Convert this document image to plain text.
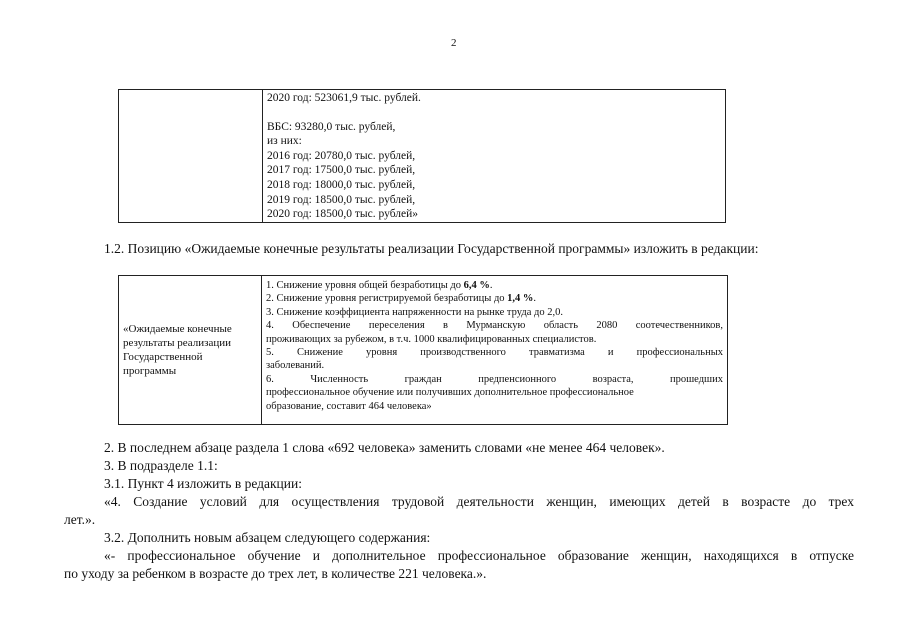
2

2020 год: 523061,9 тыс. рублей.
ВБС: 93280,0 тыс. рублей,
из них:
2016 год: 20780,0 тыс. рублей,
2017 год: 17500,0 тыс. рублей,
2018 год: 18000,0 тыс. рублей,
2019 год: 18500,0 тыс. рублей,
2020 год: 18500,0 тыс. рублей»
1.2. Позицию «Ожидаемые конечные результаты реализации Государственной программы» изложить в редакции:
«Ожидаемые конечные
результаты реализации
Государственной
программы

1. Снижение уровня общей безработицы до 6,4 %.
2. Снижение уровня регистрируемой безработицы до 1,4 %.
3. Снижение коэффициента напряженности на рынке труда до 2,0.
4. Обеспечение переселения в Мурманскую область 2080 соотечественников,
проживающих за рубежом, в т.ч. 1000 квалифицированных специалистов.
5. Снижение уровня производственного травматизма и профессиональных
заболеваний.
6. Численность граждан предпенсионного возраста, прошедших
профессиональное обучение или получивших дополнительное профессиональное
образование, составит 464 человека»
2. В последнем абзаце раздела 1 слова «692 человека» заменить словами «не менее 464 человек».
3. В подразделе 1.1:
3.1. Пункт 4 изложить в редакции:
«4. Создание условий для осуществления трудовой деятельности женщин, имеющих детей в возрасте до трех
лет.».
3.2. Дополнить новым абзацем следующего содержания:
«- профессиональное обучение и дополнительное профессиональное образование женщин, находящихся в отпуске
по уходу за ребенком в возрасте до трех лет, в количестве 221 человека.».
